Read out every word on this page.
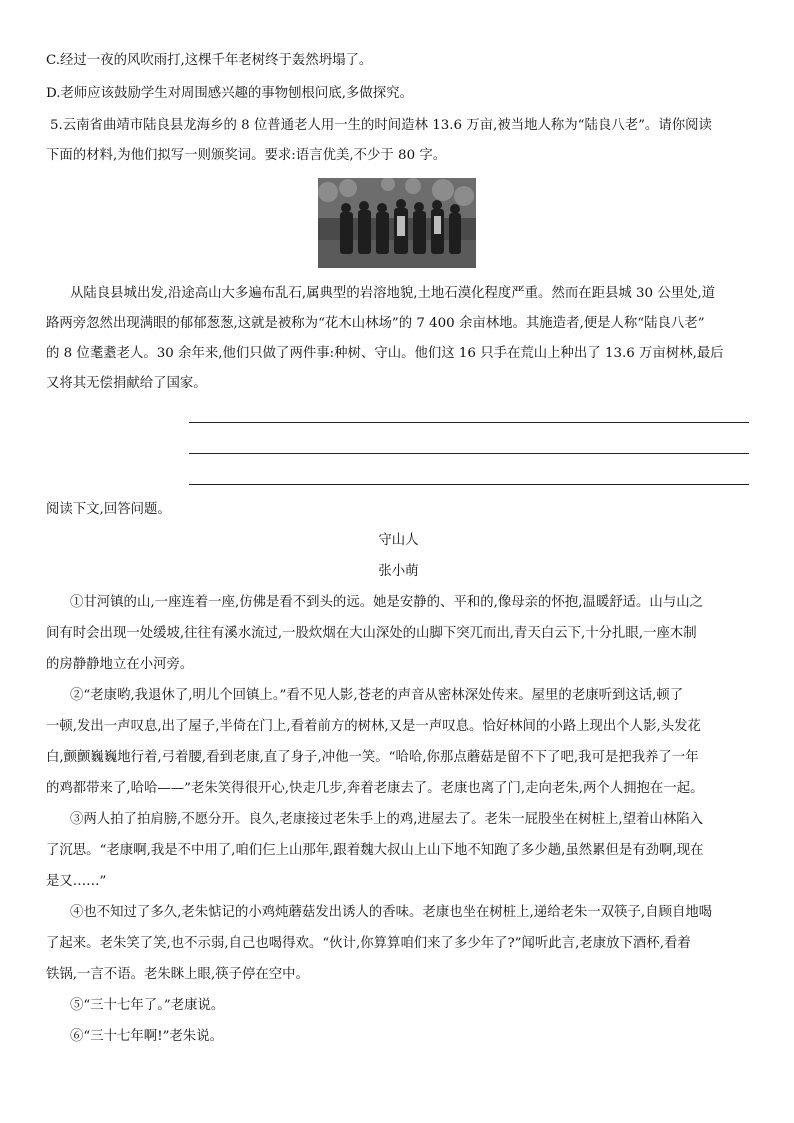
C.经过一夜的风吹雨打,这棵千年老树终于轰然坍塌了。
D.老师应该鼓励学生对周围感兴趣的事物刨根问底,多做探究。
5.云南省曲靖市陆良县龙海乡的 8 位普通老人用一生的时间造林 13.6 万亩,被当地人称为“陆良八老”。请你阅读
下面的材料,为他们拟写一则颁奖词。要求:语言优美,不少于 80 字。
从陆良县城出发,沿途高山大多遍布乱石,属典型的岩溶地貌,土地石漠化程度严重。然而在距县城 30 公里处,道
路两旁忽然出现满眼的郁郁葱葱,这就是被称为“花木山林场”的 7 400 余亩林地。其施造者,便是人称“陆良八老”
的 8 位耄耋老人。30 余年来,他们只做了两件事:种树、守山。他们这 16 只手在荒山上种出了 13.6 万亩树林,最后
又将其无偿捐献给了国家。
阅读下文,回答问题。
守山人
张小萌
①甘河镇的山,一座连着一座,仿佛是看不到头的远。她是安静的、平和的,像母亲的怀抱,温暖舒适。山与山之
间有时会出现一处缓坡,往往有溪水流过,一股炊烟在大山深处的山脚下突兀而出,青天白云下,十分扎眼,一座木制
的房静静地立在小河旁。
②“老康哟,我退休了,明儿个回镇上。”看不见人影,苍老的声音从密林深处传来。屋里的老康听到这话,顿了
一顿,发出一声叹息,出了屋子,半倚在门上,看着前方的树林,又是一声叹息。恰好林间的小路上现出个人影,头发花
白,颤颤巍巍地行着,弓着腰,看到老康,直了身子,冲他一笑。“哈哈,你那点蘑菇是留不下了吧,我可是把我养了一年
的鸡都带来了,哈哈——”老朱笑得很开心,快走几步,奔着老康去了。老康也离了门,走向老朱,两个人拥抱在一起。
③两人拍了拍肩膀,不愿分开。良久,老康接过老朱手上的鸡,进屋去了。老朱一屁股坐在树桩上,望着山林陷入
了沉思。“老康啊,我是不中用了,咱们仨上山那年,跟着魏大叔山上山下地不知跑了多少趟,虽然累但是有劲啊,现在
是又……”
④也不知过了多久,老朱惦记的小鸡炖蘑菇发出诱人的香味。老康也坐在树桩上,递给老朱一双筷子,自顾自地喝
了起来。老朱笑了笑,也不示弱,自己也喝得欢。“伙计,你算算咱们来了多少年了?”闻听此言,老康放下酒杯,看着
铁锅,一言不语。老朱眯上眼,筷子停在空中。
⑤“三十七年了。”老康说。
⑥“三十七年啊!”老朱说。
